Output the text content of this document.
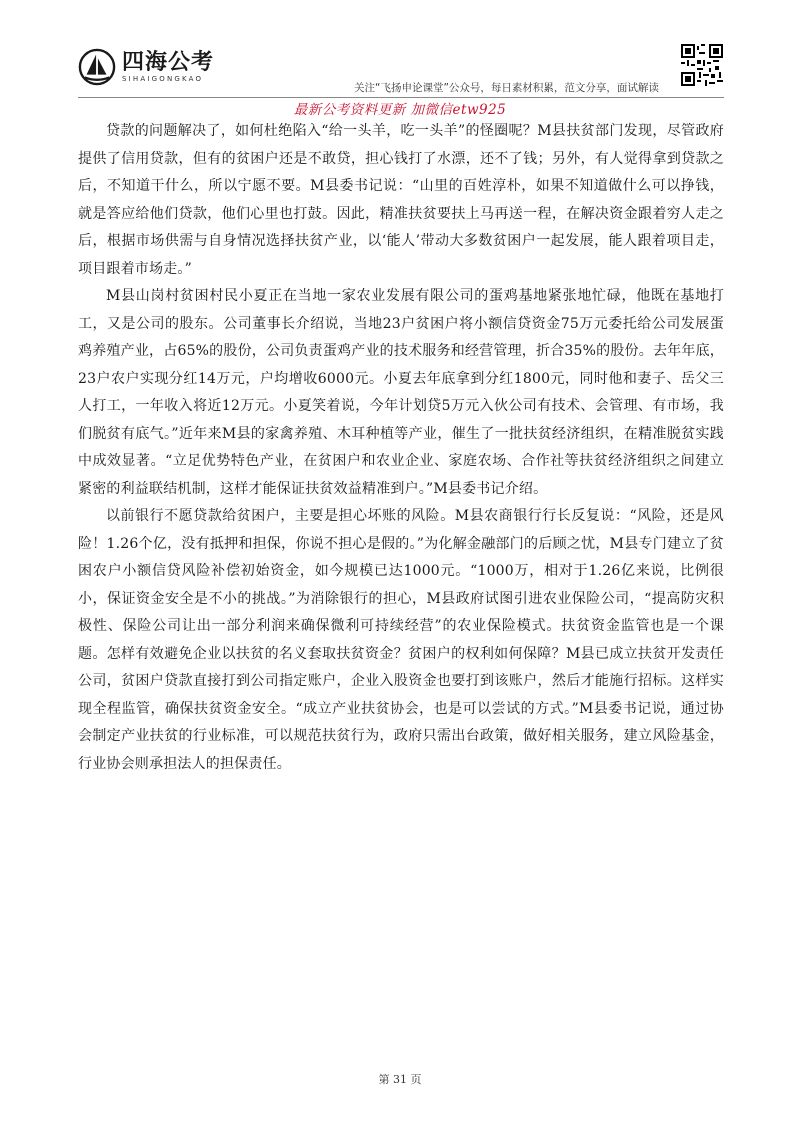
四海公考
SIHAIGONGKAO
关注“飞扬申论课堂”公众号，每日素材积累，范文分享，面试解读
最新公考资料更新 加微信etw925

贷款的问题解决了，如何杜绝陷入“给一头羊，吃一头羊”的怪圈呢？M县扶贫部门发现，尽管政府提供了信用贷款，但有的贫困户还是不敢贷，担心钱打了水漂，还不了钱；另外，有人觉得拿到贷款之后，不知道干什么，所以宁愿不要。M县委书记说：“山里的百姓淳朴，如果不知道做什么可以挣钱，就是答应给他们贷款，他们心里也打鼓。因此，精准扶贫要扶上马再送一程，在解决资金跟着穷人走之后，根据市场供需与自身情况选择扶贫产业，以‘能人’带动大多数贫困户一起发展，能人跟着项目走，项目跟着市场走。”

M县山岗村贫困村民小夏正在当地一家农业发展有限公司的蛋鸡基地紧张地忙碌，他既在基地打工，又是公司的股东。公司董事长介绍说，当地23户贫困户将小额信贷资金75万元委托给公司发展蛋鸡养殖产业，占65%的股份，公司负责蛋鸡产业的技术服务和经营管理，折合35%的股份。去年年底，23户农户实现分红14万元，户均增收6000元。小夏去年底拿到分红1800元，同时他和妻子、岳父三人打工，一年收入将近12万元。小夏笑着说，今年计划贷5万元入伙公司有技术、会管理、有市场，我们脱贫有底气。”近年来M县的家禽养殖、木耳种植等产业，催生了一批扶贫经济组织，在精准脱贫实践中成效显著。“立足优势特色产业，在贫困户和农业企业、家庭农场、合作社等扶贫经济组织之间建立紧密的利益联结机制，这样才能保证扶贫效益精准到户。”M县委书记介绍。

以前银行不愿贷款给贫困户，主要是担心坏账的风险。M县农商银行行长反复说：“风险，还是风险！1.26个亿，没有抵押和担保，你说不担心是假的。”为化解金融部门的后顾之忧，M县专门建立了贫困农户小额信贷风险补偿初始资金，如今规模已达1000元。“1000万，相对于1.26亿来说，比例很小，保证资金安全是不小的挑战。”为消除银行的担心，M县政府试图引进农业保险公司，“提高防灾积极性、保险公司让出一部分利润来确保微利可持续经营”的农业保险模式。扶贫资金监管也是一个课题。怎样有效避免企业以扶贫的名义套取扶贫资金？贫困户的权利如何保障？M县已成立扶贫开发责任公司，贫困户贷款直接打到公司指定账户，企业入股资金也要打到该账户，然后才能施行招标。这样实现全程监管，确保扶贫资金安全。“成立产业扶贫协会，也是可以尝试的方式。”M县委书记说，通过协会制定产业扶贫的行业标准，可以规范扶贫行为，政府只需出台政策，做好相关服务，建立风险基金，行业协会则承担法人的担保责任。

第 31 页
